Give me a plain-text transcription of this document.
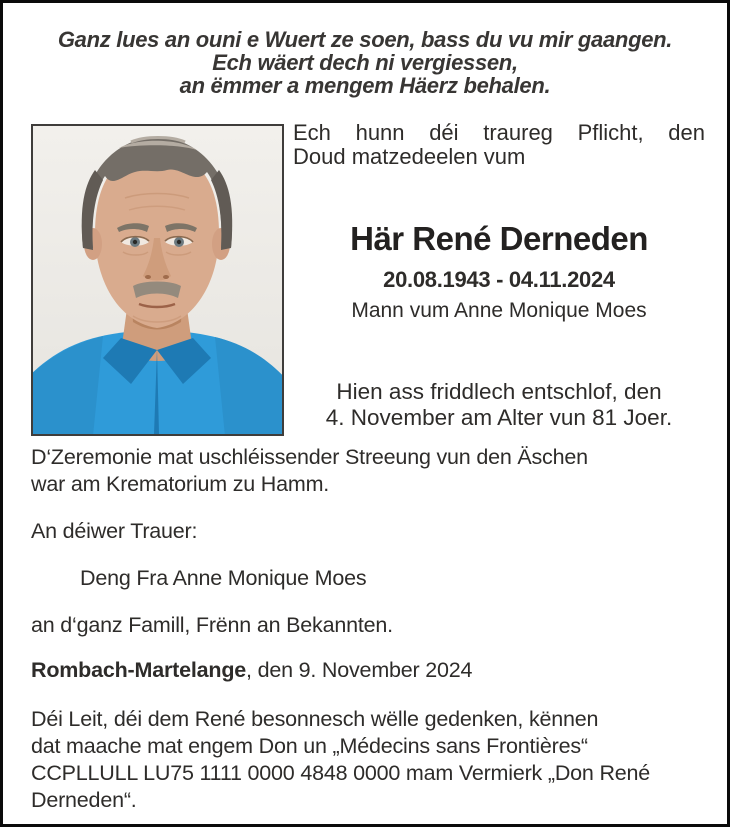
Ganz lues an ouni e Wuert ze soen, bass du vu mir gaangen.
Ech wäert dech ni vergiessen,
an ëmmer a mengem Häerz behalen.

Ech hunn déi traureg Pflicht, den
Doud matzedeelen vum

Här René Derneden
20.08.1943 - 04.11.2024
Mann vum Anne Monique Moes
Hien ass friddlech entschlof, den
4. November am Alter vun 81 Joer.

D‘Zeremonie mat uschléissender Streeung vun den Äschen
war am Krematorium zu Hamm.

An déiwer Trauer:

Deng Fra Anne Monique Moes

an d‘ganz Famill, Frënn an Bekannten.

Rombach-Martelange, den 9. November 2024

Déi Leit, déi dem René besonnesch wëlle gedenken, kënnen
dat maache mat engem Don un „Médecins sans Frontières“
CCPLLULL LU75 1111 0000 4848 0000 mam Vermierk „Don René
Derneden“.
